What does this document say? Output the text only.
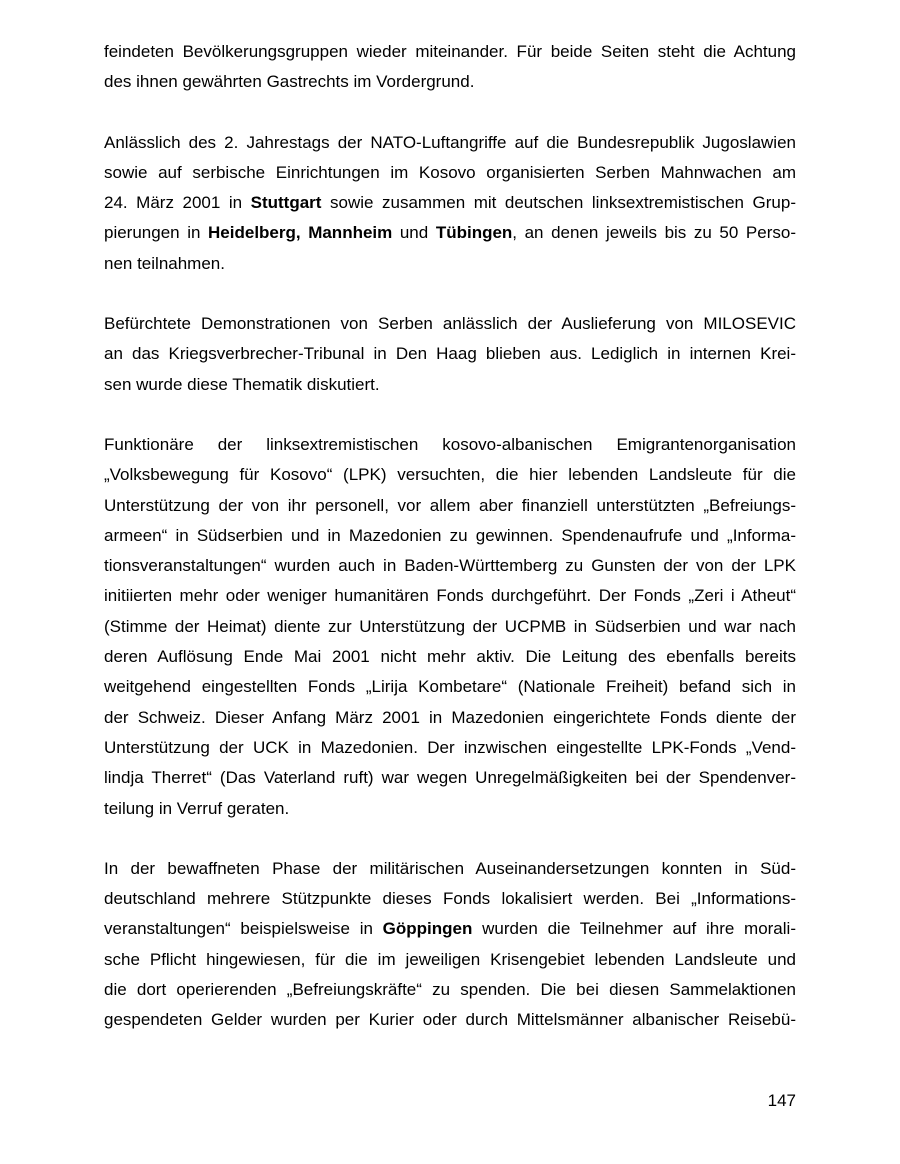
feindeten Bevölkerungsgruppen wieder miteinander. Für beide Seiten steht die Achtung
des ihnen gewährten Gastrechts im Vordergrund.

Anlässlich des 2. Jahrestags der NATO-Luftangriffe auf die Bundesrepublik Jugoslawien
sowie auf serbische Einrichtungen im Kosovo organisierten Serben Mahnwachen am
24. März 2001 in Stuttgart sowie zusammen mit deutschen linksextremistischen Grup-
pierungen in Heidelberg, Mannheim und Tübingen, an denen jeweils bis zu 50 Perso-
nen teilnahmen.

Befürchtete Demonstrationen von Serben anlässlich der Auslieferung von MILOSEVIC
an das Kriegsverbrecher-Tribunal in Den Haag blieben aus. Lediglich in internen Krei-
sen wurde diese Thematik diskutiert.

Funktionäre der linksextremistischen kosovo-albanischen Emigrantenorganisation
„Volksbewegung für Kosovo“ (LPK) versuchten, die hier lebenden Landsleute für die
Unterstützung der von ihr personell, vor allem aber finanziell unterstützten „Befreiungs-
armeen“ in Südserbien und in Mazedonien zu gewinnen. Spendenaufrufe und „Informa-
tionsveranstaltungen“ wurden auch in Baden-Württemberg zu Gunsten der von der LPK
initiierten mehr oder weniger humanitären Fonds durchgeführt. Der Fonds „Zeri i Atheut“
(Stimme der Heimat) diente zur Unterstützung der UCPMB in Südserbien und war nach
deren Auflösung Ende Mai 2001 nicht mehr aktiv. Die Leitung des ebenfalls bereits
weitgehend eingestellten Fonds „Lirija Kombetare“ (Nationale Freiheit) befand sich in
der Schweiz. Dieser Anfang März 2001 in Mazedonien eingerichtete Fonds diente der
Unterstützung der UCK in Mazedonien. Der inzwischen eingestellte LPK-Fonds „Vend-
lindja Therret“ (Das Vaterland ruft) war wegen Unregelmäßigkeiten bei der Spendenver-
teilung in Verruf geraten.

In der bewaffneten Phase der militärischen Auseinandersetzungen konnten in Süd-
deutschland mehrere Stützpunkte dieses Fonds lokalisiert werden. Bei „Informations-
veranstaltungen“ beispielsweise in Göppingen wurden die Teilnehmer auf ihre morali-
sche Pflicht hingewiesen, für die im jeweiligen Krisengebiet lebenden Landsleute und
die dort operierenden „Befreiungskräfte“ zu spenden. Die bei diesen Sammelaktionen
gespendeten Gelder wurden per Kurier oder durch Mittelsmänner albanischer Reisebü-

147
